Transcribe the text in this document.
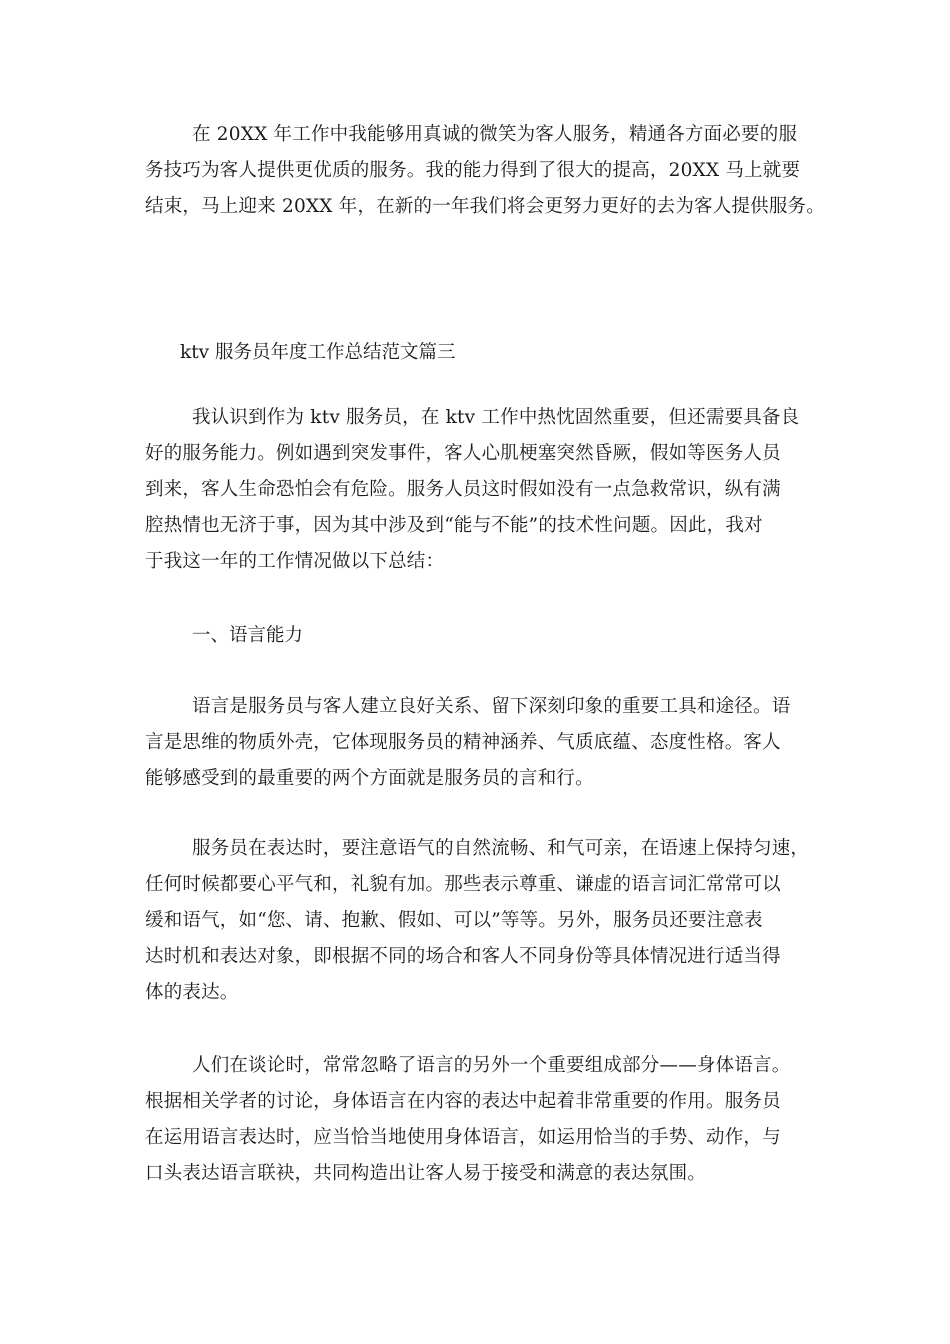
在 20XX 年工作中我能够用真诚的微笑为客人服务，精通各方面必要的服
务技巧为客人提供更优质的服务。我的能力得到了很大的提高，20XX 马上就要
结束，马上迎来 20XX 年，在新的一年我们将会更努力更好的去为客人提供服务。

ktv 服务员年度工作总结范文篇三

我认识到作为 ktv 服务员，在 ktv 工作中热忱固然重要，但还需要具备良
好的服务能力。例如遇到突发事件，客人心肌梗塞突然昏厥，假如等医务人员
到来，客人生命恐怕会有危险。服务人员这时假如没有一点急救常识，纵有满
腔热情也无济于事，因为其中涉及到“能与不能”的技术性问题。因此，我对
于我这一年的工作情况做以下总结：

一、语言能力

语言是服务员与客人建立良好关系、留下深刻印象的重要工具和途径。语
言是思维的物质外壳，它体现服务员的精神涵养、气质底蕴、态度性格。客人
能够感受到的最重要的两个方面就是服务员的言和行。

服务员在表达时，要注意语气的自然流畅、和气可亲，在语速上保持匀速，
任何时候都要心平气和，礼貌有加。那些表示尊重、谦虚的语言词汇常常可以
缓和语气，如“您、请、抱歉、假如、可以”等等。另外，服务员还要注意表
达时机和表达对象，即根据不同的场合和客人不同身份等具体情况进行适当得
体的表达。

人们在谈论时，常常忽略了语言的另外一个重要组成部分——身体语言。
根据相关学者的讨论，身体语言在内容的表达中起着非常重要的作用。服务员
在运用语言表达时，应当恰当地使用身体语言，如运用恰当的手势、动作，与
口头表达语言联袂，共同构造出让客人易于接受和满意的表达氛围。
